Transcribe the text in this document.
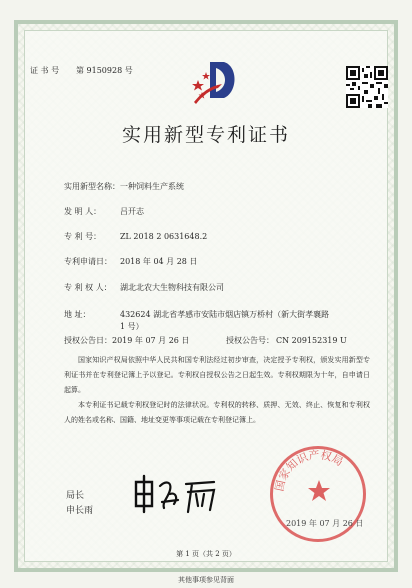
证 书 号 第 9150928 号
实用新型专利证书
实用新型名称： 一种饲料生产系统
发 明 人： 吕开志
专 利 号： ZL 2018 2 0631648.2
专利申请日： 2018 年 04 月 28 日
专 利 权 人： 湖北北农大生物科技有限公司
地 址：	432624 湖北省孝感市安陆市烟店镇万桥村（新大街孝襄路
1 号）
授权公告日： 2019 年 07 月 26 日	授权公告号： CN 209152319 U
国家知识产权局依照中华人民共和国专利法经过初步审查，决定授予专利权，颁发实用新型专利证书并在专利登记簿上予以登记。专利权自授权公告之日起生效。专利权期限为十年，自申请日起算。
本专利证书记载专利权登记时的法律状况。专利权的转移、质押、无效、终止、恢复和专利权人的姓名或名称、国籍、地址变更等事项记载在专利登记簿上。
局长
申长雨
国家知识产权局
2019 年 07 月 26 日
第 1 页（共 2 页）
其他事项参见背面
